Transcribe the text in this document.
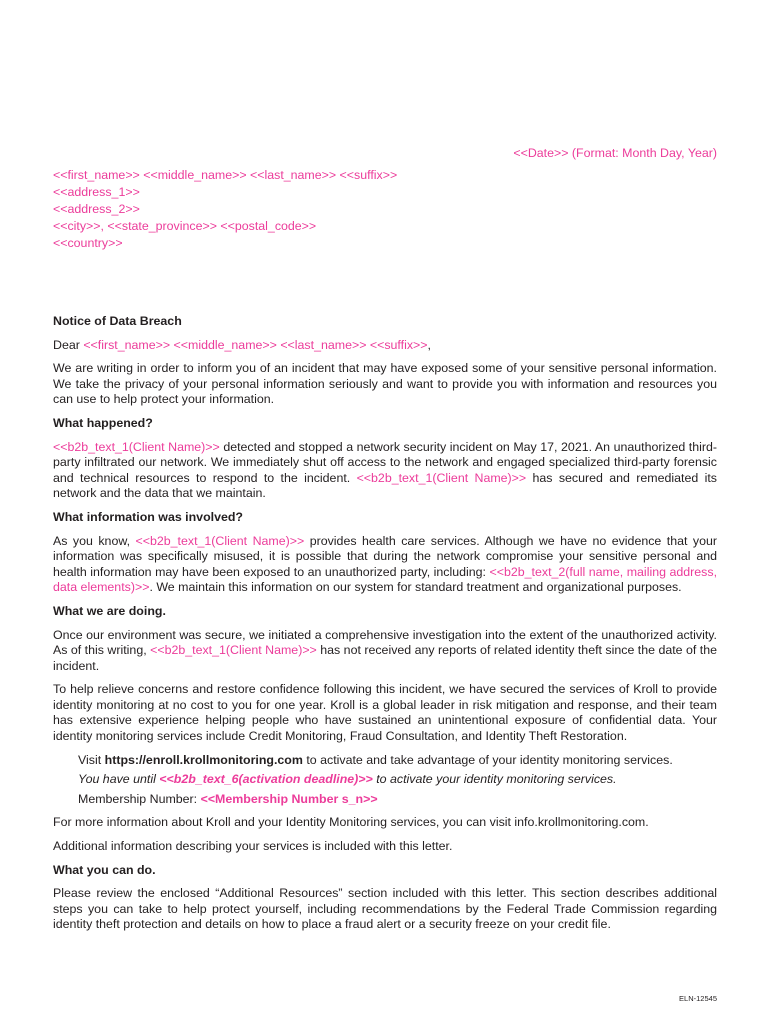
<<Date>> (Format: Month Day, Year)
<<first_name>> <<middle_name>> <<last_name>> <<suffix>>
<<address_1>>
<<address_2>>
<<city>>, <<state_province>> <<postal_code>>
<<country>>
Notice of Data Breach
Dear <<first_name>> <<middle_name>> <<last_name>> <<suffix>>,

We are writing in order to inform you of an incident that may have exposed some of your sensitive personal information. We take the privacy of your personal information seriously and want to provide you with information and resources you can use to help protect your information.

What happened?

<<b2b_text_1(Client Name)>> detected and stopped a network security incident on May 17, 2021. An unauthorized third-party infiltrated our network. We immediately shut off access to the network and engaged specialized third-party forensic and technical resources to respond to the incident. <<b2b_text_1(Client Name)>> has secured and remediated its network and the data that we maintain.

What information was involved?

As you know, <<b2b_text_1(Client Name)>> provides health care services. Although we have no evidence that your information was specifically misused, it is possible that during the network compromise your sensitive personal and health information may have been exposed to an unauthorized party, including: <<b2b_text_2(full name, mailing address, data elements)>>. We maintain this information on our system for standard treatment and organizational purposes.

What we are doing.

Once our environment was secure, we initiated a comprehensive investigation into the extent of the unauthorized activity. As of this writing, <<b2b_text_1(Client Name)>> has not received any reports of related identity theft since the date of the incident.

To help relieve concerns and restore confidence following this incident, we have secured the services of Kroll to provide identity monitoring at no cost to you for one year. Kroll is a global leader in risk mitigation and response, and their team has extensive experience helping people who have sustained an unintentional exposure of confidential data. Your identity monitoring services include Credit Monitoring, Fraud Consultation, and Identity Theft Restoration.

Visit https://enroll.krollmonitoring.com to activate and take advantage of your identity monitoring services.
You have until <<b2b_text_6(activation deadline)>> to activate your identity monitoring services.
Membership Number: <<Membership Number s_n>>

For more information about Kroll and your Identity Monitoring services, you can visit info.krollmonitoring.com.

Additional information describing your services is included with this letter.

What you can do.

Please review the enclosed “Additional Resources” section included with this letter. This section describes additional steps you can take to help protect yourself, including recommendations by the Federal Trade Commission regarding identity theft protection and details on how to place a fraud alert or a security freeze on your credit file.

ELN-12545
